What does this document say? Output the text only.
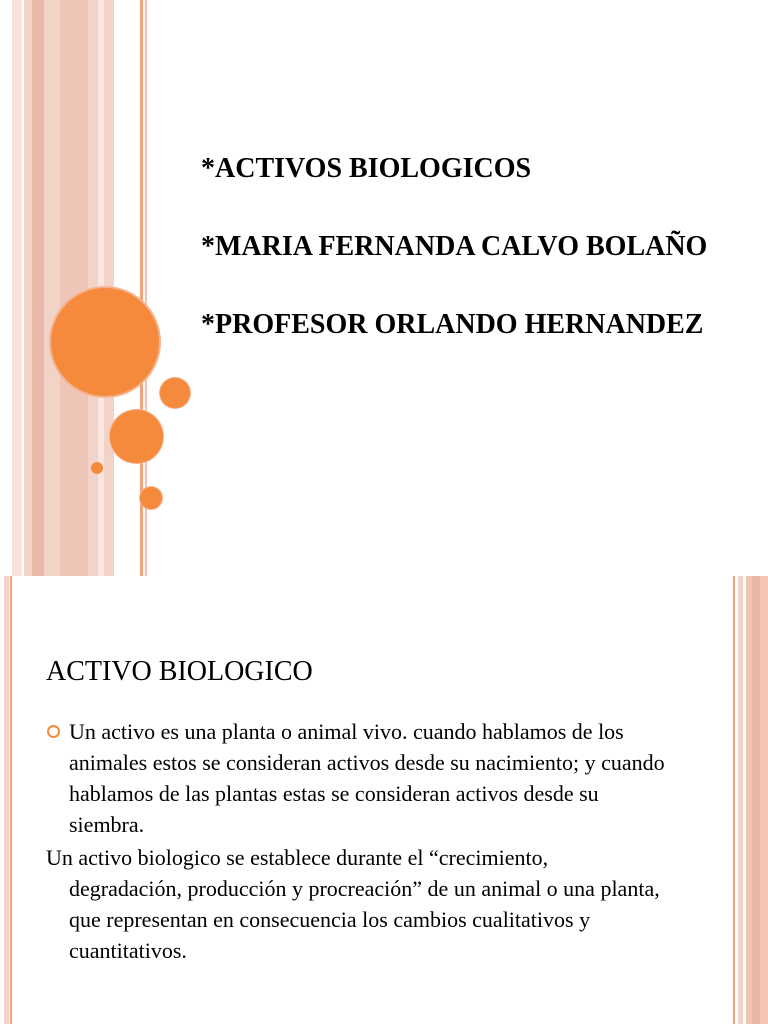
*ACTIVOS BIOLOGICOS

*MARIA FERNANDA CALVO BOLAÑO

*PROFESOR ORLANDO HERNANDEZ

ACTIVO BIOLOGICO

Un activo es una planta o animal vivo. cuando hablamos de los animales estos se consideran activos desde su nacimiento; y cuando hablamos de las plantas estas se consideran activos desde su siembra.

Un activo biologico se establece durante el “crecimiento, degradación, producción y procreación” de un animal o una planta, que representan en consecuencia los cambios cualitativos y cuantitativos.
